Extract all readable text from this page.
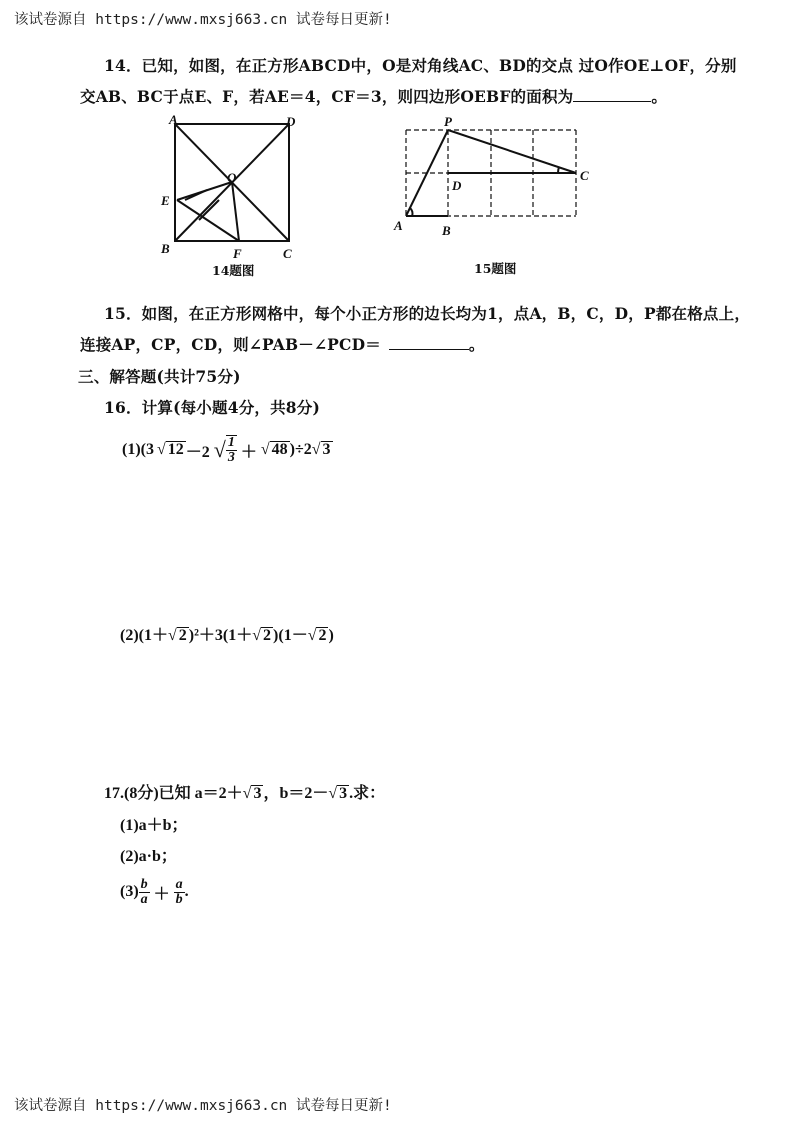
该试卷源自 https://www.mxsj663.cn 试卷每日更新!
14．已知，如图，在正方形ABCD中，O是对角线AC、BD的交点 过O作OE⊥OF，分别
交AB、BC于点E、F，若AE＝4，CF＝3，则四边形OEBF的面积为	。
A	D
O
E
B	F	C
14题图
P
D
C
A	B
15题图
15．如图，在正方形网格中，每个小正方形的边长均为1，点A，B，C，D，P都在格点上，
连接AP，CP，CD，则∠PAB－∠PCD＝	。
三、解答题(共计75分)
16．计算(每小题4分，共8分)
(1)(3 √ 12 －2 √ $\frac{1}{3}$ ＋ √ 48 )÷2 √ 3
(2)(1＋√ 2 )²＋3(1＋√ 2 )(1－√ 2 )
17.(8分)已知 a＝2＋√ 3 ，b＝2－√ 3 .求：
(1)a＋b；
(2)a·b；
$(3) \frac{b}{a} + \frac{a}{b}$ .
该试卷源自 https://www.mxsj663.cn 试卷每日更新!
